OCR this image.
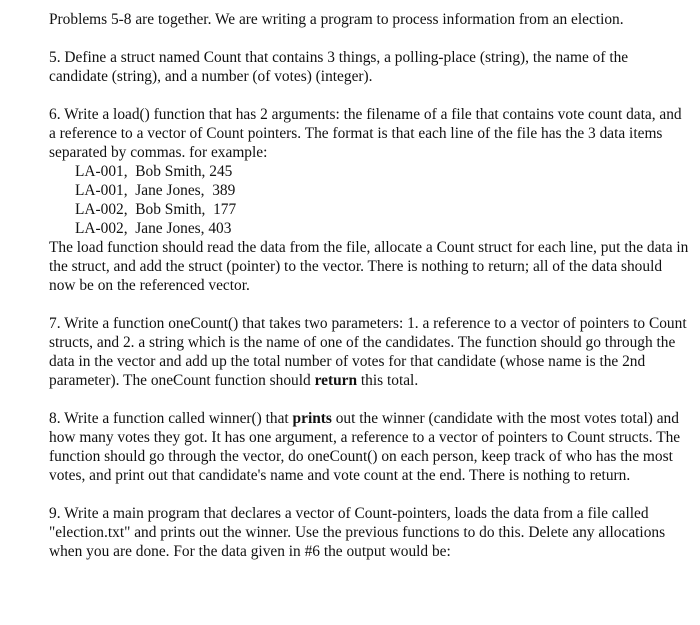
Problems 5-8 are together. We are writing a program to process information from an election.

5. Define a struct named Count that contains 3 things, a polling-place (string), the name of the candidate (string), and a number (of votes) (integer).

6. Write a load() function that has 2 arguments: the filename of a file that contains vote count data, and a reference to a vector of Count pointers. The format is that each line of the file has the 3 data items separated by commas. for example:

LA-001,  Bob Smith, 245
LA-001,  Jane Jones,  389
LA-002,  Bob Smith,  177
LA-002,  Jane Jones, 403

The load function should read the data from the file, allocate a Count struct for each line, put the data in the struct, and add the struct (pointer) to the vector. There is nothing to return; all of the data should now be on the referenced vector.

7. Write a function oneCount() that takes two parameters: 1. a reference to a vector of pointers to Count structs, and 2. a string which is the name of one of the candidates. The function should go through the data in the vector and add up the total number of votes for that candidate (whose name is the 2nd parameter). The oneCount function should return this total.

8. Write a function called winner() that prints out the winner (candidate with the most votes total) and how many votes they got. It has one argument, a reference to a vector of pointers to Count structs. The function should go through the vector, do oneCount() on each person, keep track of who has the most votes, and print out that candidate's name and vote count at the end. There is nothing to return.

9. Write a main program that declares a vector of Count-pointers, loads the data from a file called "election.txt" and prints out the winner. Use the previous functions to do this. Delete any allocations when you are done. For the data given in #6 the output would be:
